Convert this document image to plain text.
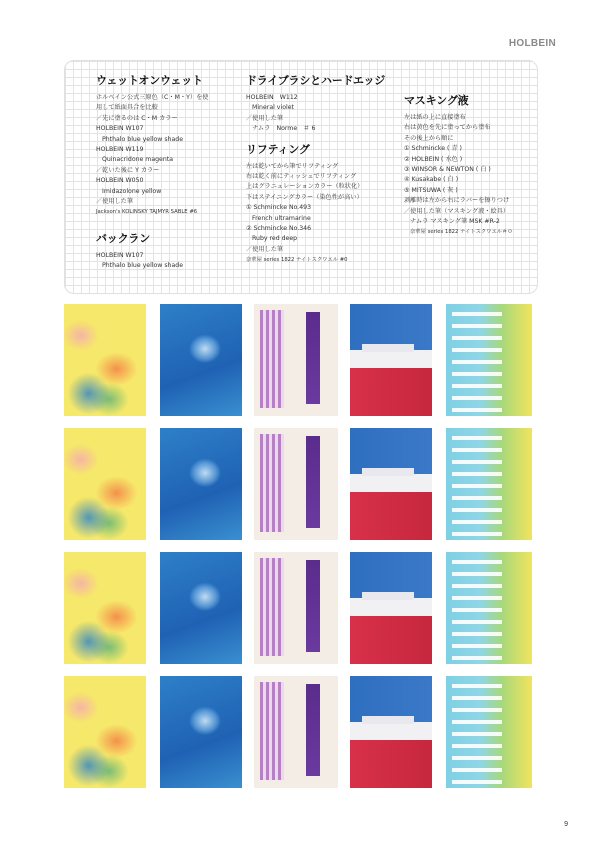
HOLBEIN
ウェットオンウェット
ホルベイン公式三原色（C・M・Y）を使
用して紙面具合を比較
／先に塗るのは C・M カラー
HOLBEIN W107
Phthalo blue yellow shade
HOLBEIN W119
Quinacridone magenta
／乾いた後に Y カラー
HOLBEIN W050
Imidazolone yellow
／使用した筆
Jackson's KOLINSKY TAJMYR SABLE #6
バックラン
HOLBEIN W107
Phthalo blue yellow shade
ドライブラシとハードエッジ
HOLBEIN　W112
Mineral violet
／使用した筆
ナムラ　Norme　＃ 6
リフティング
左は乾いてから筆でリフティング
右は乾く前にティッシュでリフティング
上はグラニュレーションカラー（粒状化）
下はステイニングカラー（染色性が高い）
① Schmincke No.493
French ultramarine
② Schmincke No.346
Ruby red deep
／使用した筆
奈華屋 series 1822 ナイトスクワエル #0
マスキング液
左は紙の上に直接塗布
右は黄色を先に塗ってから塗布
その後上から順に
① Schmincke ( 青 )
② HOLBEIN ( 水色 )
③ WINSOR & NEWTON ( 白 )
④ Kusakabe ( 白 )
⑤ MITSUWA ( 灰 )
剥離時は左から右にラバーを擦りつけ
／使用した筆（マスキング液・絵具）
ナムラ マスキング筆 MSK #R-2
奈華屋 series 1822 ナイトスクワエル＃０
9
